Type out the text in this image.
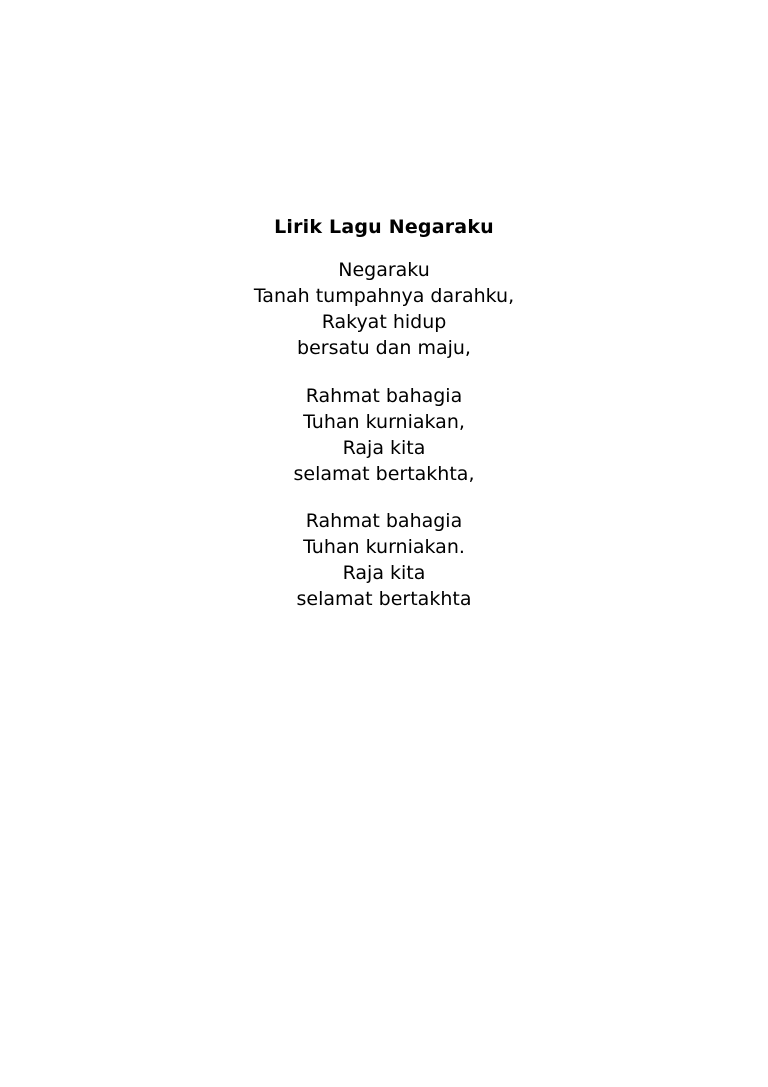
Lirik Lagu Negaraku
Negaraku
Tanah tumpahnya darahku,
Rakyat hidup
bersatu dan maju,
Rahmat bahagia
Tuhan kurniakan,
Raja kita
selamat bertakhta,
Rahmat bahagia
Tuhan kurniakan.
Raja kita
selamat bertakhta
